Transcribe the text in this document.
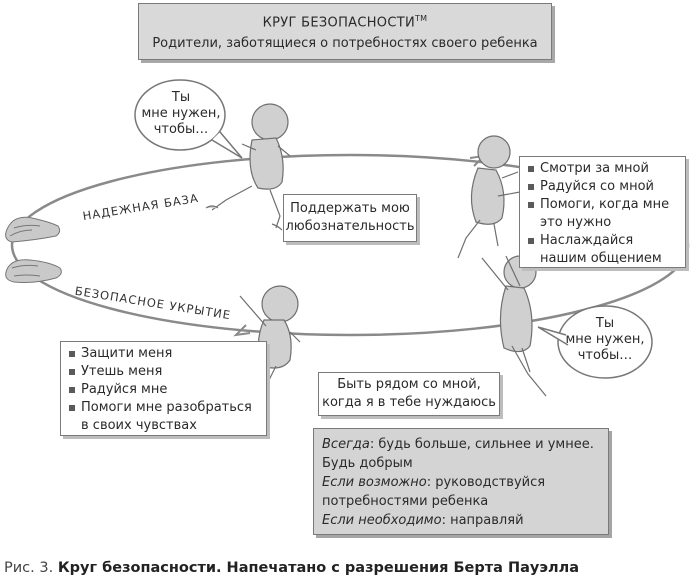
КРУГ БЕЗОПАСНОСТИ™
Родители, заботящиеся о потребностях своего ребенка
Ты
мне нужен,
чтобы…
Ты
мне нужен,
чтобы…
НАДЕЖНАЯ БАЗА
БЕЗОПАСНОЕ УКРЫТИЕ
Поддержать мою
любознательность
Смотри за мной
Радуйся со мной
Помоги, когда мне это нужно
Наслаждайся нашим общением
Защити меня
Утешь меня
Радуйся мне
Помоги мне разобраться в своих чувствах
Быть рядом со мной,
когда я в тебе нуждаюсь

Всегда: будь больше, сильнее и умнее.

Будь добрым

Если возможно: руководствуйся потребностями ребенка

Если необходимо: направляй

Рис. 3. Круг безопасности. Напечатано с разрешения Берта Пауэлла
